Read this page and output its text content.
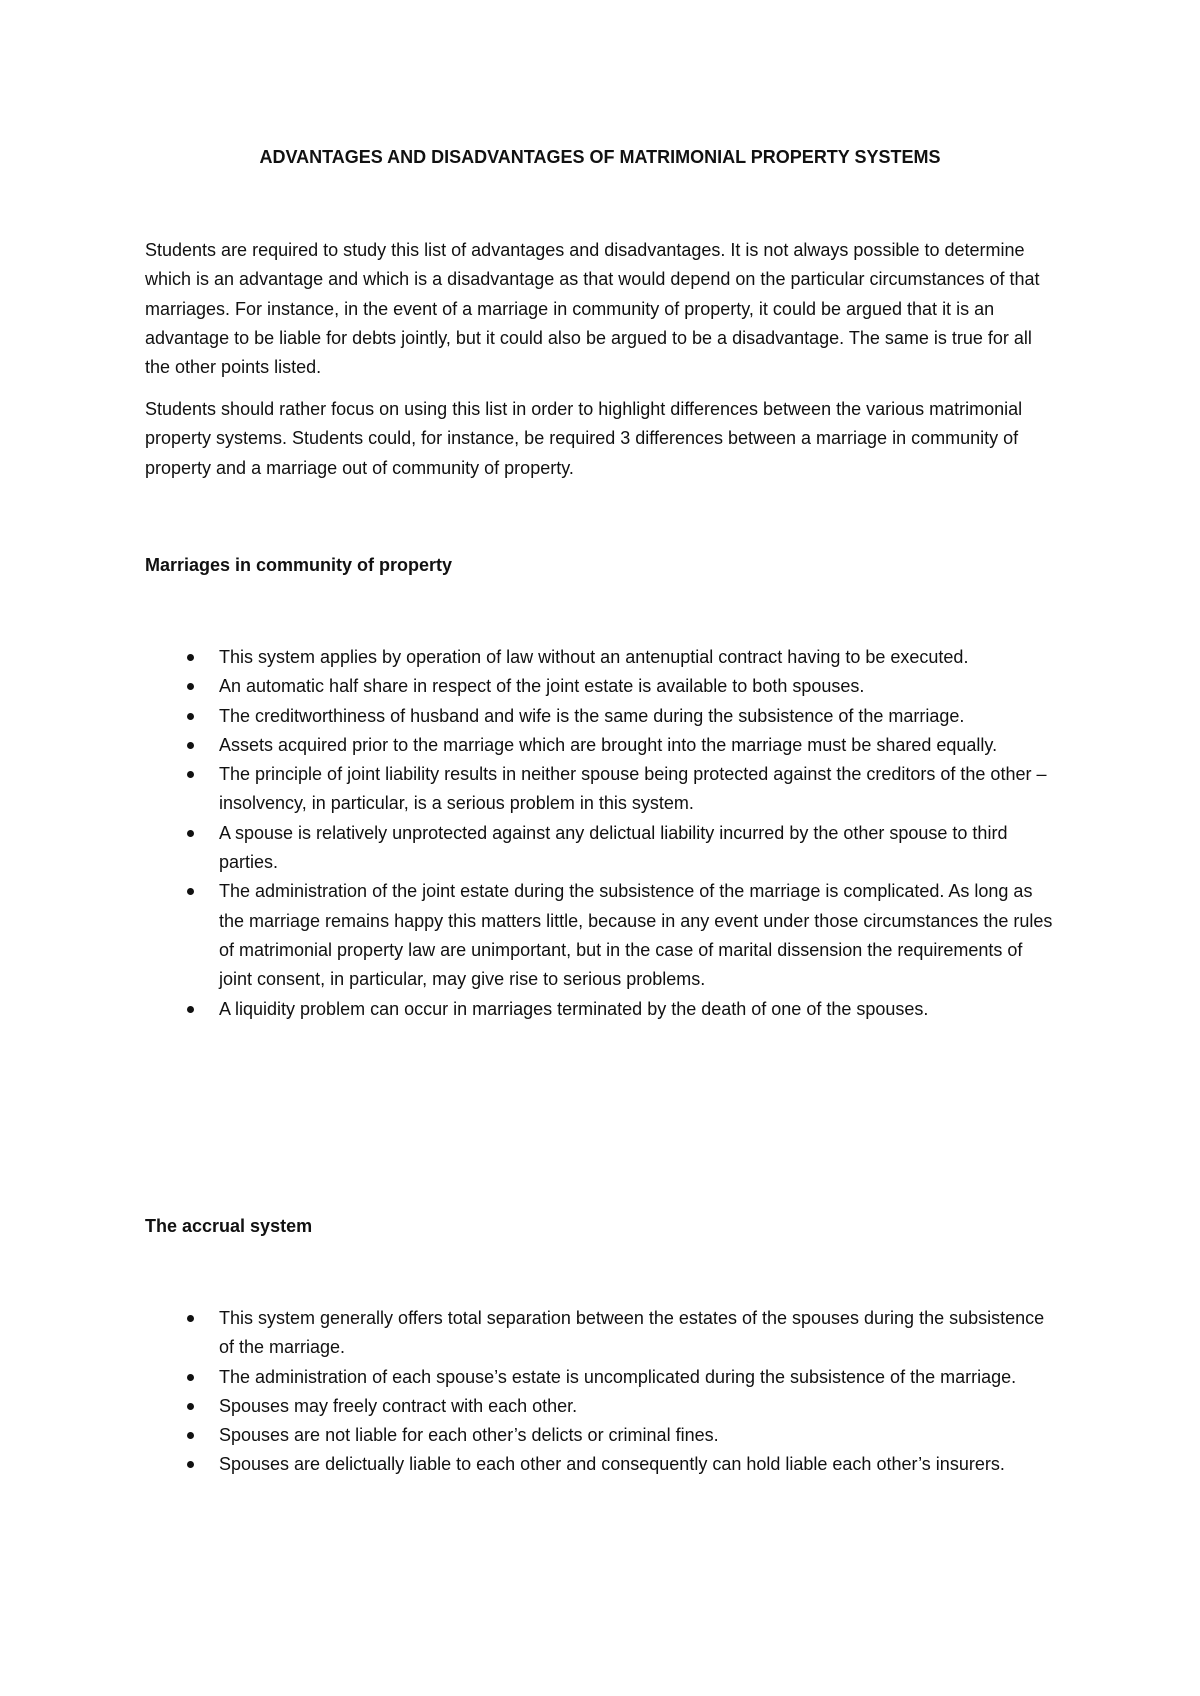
ADVANTAGES AND DISADVANTAGES OF MATRIMONIAL PROPERTY SYSTEMS

Students are required to study this list of advantages and disadvantages. It is not always possible to determine which is an advantage and which is a disadvantage as that would depend on the particular circumstances of that marriages. For instance, in the event of a marriage in community of property, it could be argued that it is an advantage to be liable for debts jointly, but it could also be argued to be a disadvantage. The same is true for all the other points listed.

Students should rather focus on using this list in order to highlight differences between the various matrimonial property systems. Students could, for instance, be required 3 differences between a marriage in community of property and a marriage out of community of property.

Marriages in community of property
This system applies by operation of law without an antenuptial contract having to be executed.
An automatic half share in respect of the joint estate is available to both spouses.
The creditworthiness of husband and wife is the same during the subsistence of the marriage.
Assets acquired prior to the marriage which are brought into the marriage must be shared equally.
The principle of joint liability results in neither spouse being protected against the creditors of the other – insolvency, in particular, is a serious problem in this system.
A spouse is relatively unprotected against any delictual liability incurred by the other spouse to third parties.
The administration of the joint estate during the subsistence of the marriage is complicated. As long as the marriage remains happy this matters little, because in any event under those circumstances the rules of matrimonial property law are unimportant, but in the case of marital dissension the requirements of joint consent, in particular, may give rise to serious problems.
A liquidity problem can occur in marriages terminated by the death of one of the spouses.
The accrual system
This system generally offers total separation between the estates of the spouses during the subsistence of the marriage.
The administration of each spouse’s estate is uncomplicated during the subsistence of the marriage.
Spouses may freely contract with each other.
Spouses are not liable for each other’s delicts or criminal fines.
Spouses are delictually liable to each other and consequently can hold liable each other’s insurers.
